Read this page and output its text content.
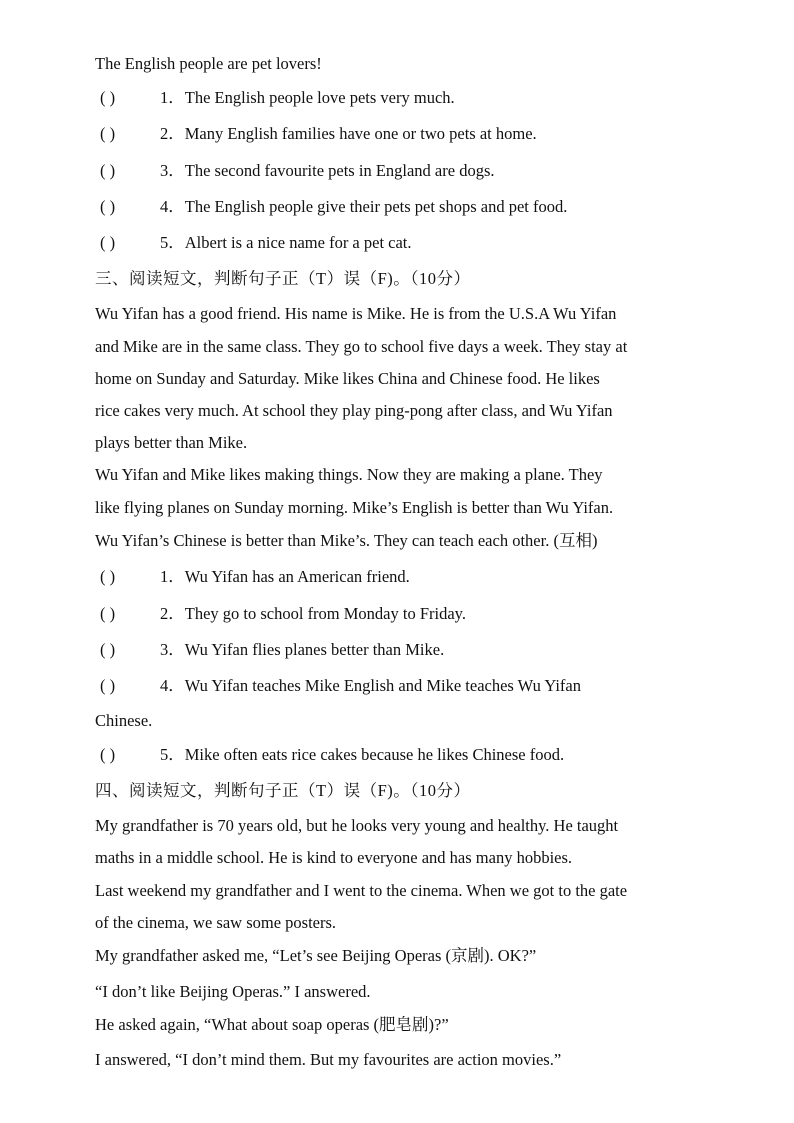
The English people are pet lovers!
( )	1．The English people love pets very much.
( )	2．Many English families have one or two pets at home.
( )	3．The second favourite pets in England are dogs.
( )	4．The English people give their pets pet shops and pet food.
( )	5．Albert is a nice name for a pet cat.
三、阅读短文，判断句子正（T）误（F)。（10分）
Wu Yifan has a good friend. His name is Mike. He is from the U.S.A Wu Yifan
and Mike are in the same class. They go to school five days a week. They stay at
home on Sunday and Saturday. Mike likes China and Chinese food. He likes
rice cakes very much. At school they play ping-pong after class, and Wu Yifan
plays better than Mike.
Wu Yifan and Mike likes making things. Now they are making a plane. They
like flying planes on Sunday morning. Mike’s English is better than Wu Yifan.
Wu Yifan’s Chinese is better than Mike’s. They can teach each other. (互相)
( )	1．Wu Yifan has an American friend.
( )	2．They go to school from Monday to Friday.
( )	3．Wu Yifan flies planes better than Mike.
( )	4．Wu Yifan teaches Mike English and Mike teaches Wu Yifan
Chinese.
( )	5．Mike often eats rice cakes because he likes Chinese food.
四、阅读短文，判断句子正（T）误（F)。（10分）
My grandfather is 70 years old, but he looks very young and healthy. He taught
maths in a middle school. He is kind to everyone and has many hobbies.
Last weekend my grandfather and I went to the cinema. When we got to the gate
of the cinema, we saw some posters.
My grandfather asked me, “Let’s see Beijing Operas (京剧). OK?”
“I don’t like Beijing Operas.” I answered.
He asked again, “What about soap operas (肥皂剧)?”
I answered, “I don’t mind them. But my favourites are action movies.”
